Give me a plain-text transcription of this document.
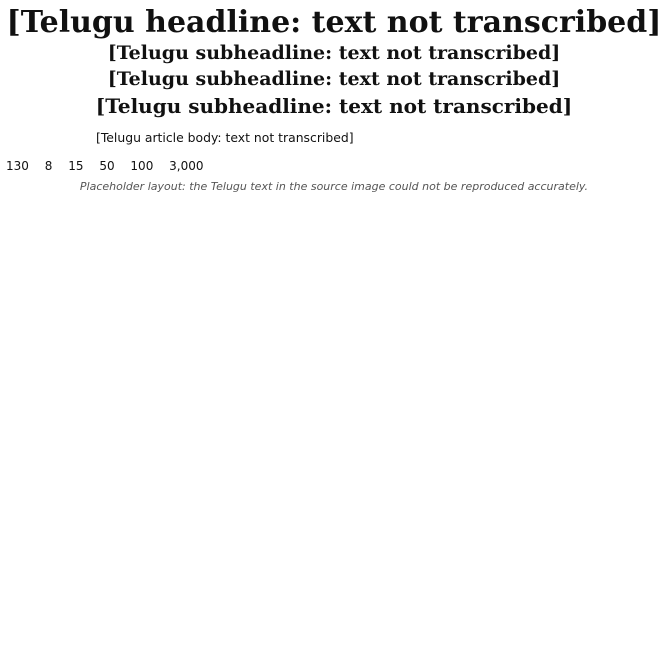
[Telugu headline: text not transcribed]
[Telugu subheadline: text not transcribed]
[Telugu subheadline: text not transcribed]
[Telugu subheadline: text not transcribed]

[Telugu article body: text not transcribed]

130 8 15 50 100 3,000
Placeholder layout: the Telugu text in the source image could not be reproduced accurately.
